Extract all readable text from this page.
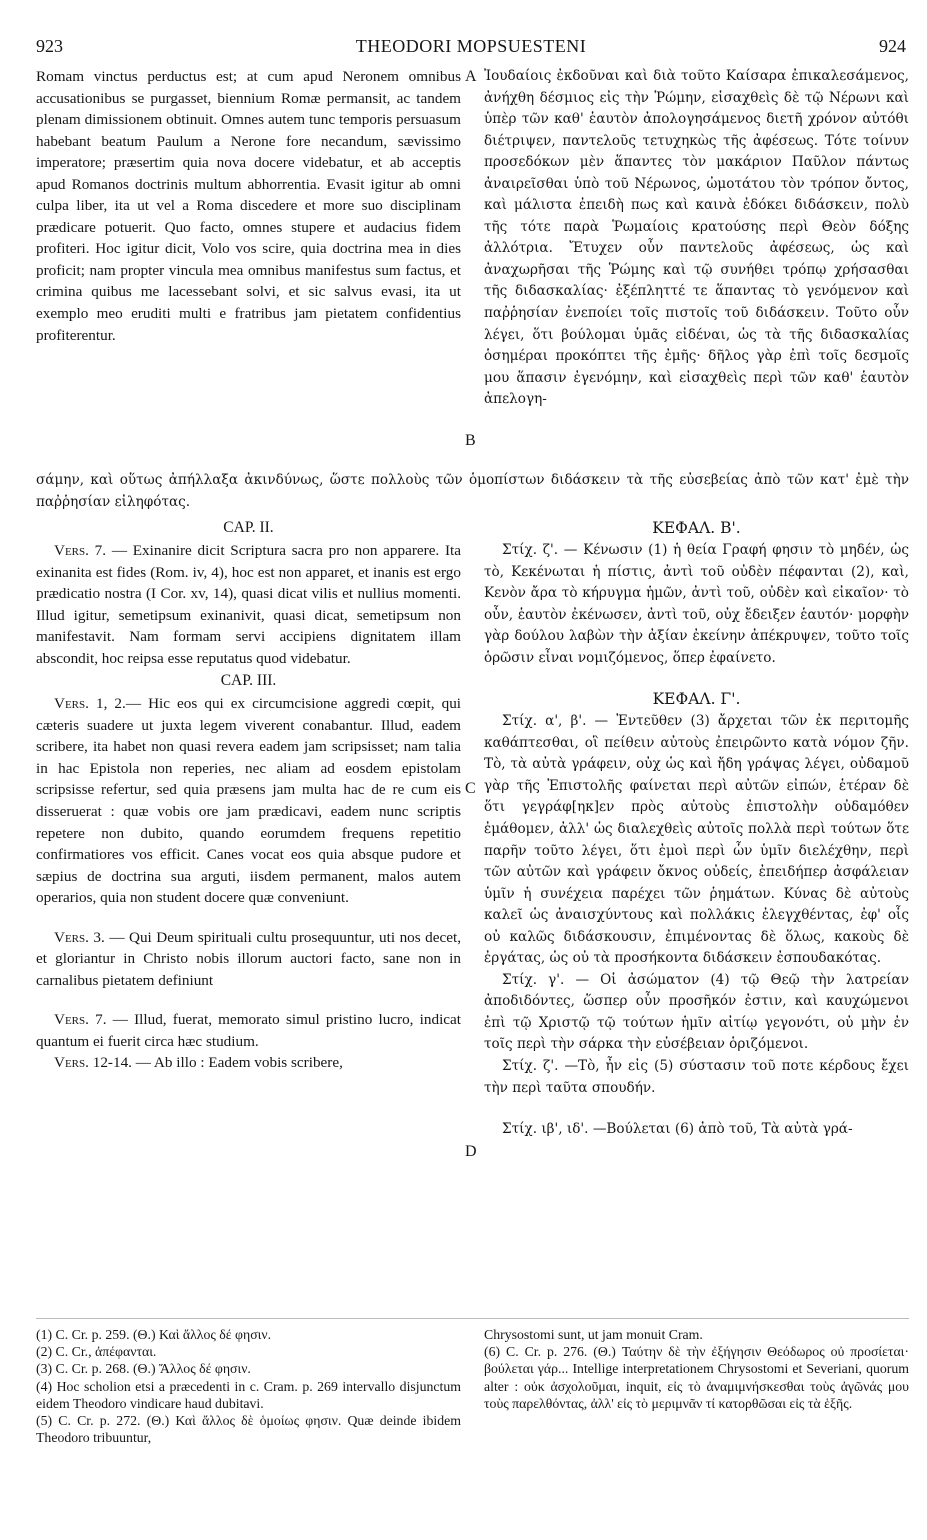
923	THEODORI MOPSUESTENI	924
A
B
C
D

Romam vinctus perductus est; at cum apud Neronem omnibus accusationibus se purgasset, biennium Romæ permansit, ac tandem plenam dimissionem obtinuit. Omnes autem tunc temporis persuasum habebant beatum Paulum a Nerone fore necandum, sævissimo imperatore; præsertim quia nova docere videbatur, et ab acceptis apud Romanos doctrinis multum abhorrentia. Evasit igitur ab omni culpa liber, ita ut vel a Roma discedere et more suo disciplinam prædicare potuerit. Quo facto, omnes stupere et audacius fidem profiteri. Hoc igitur dicit, Volo vos scire, quia doctrina mea in dies proficit; nam propter vincula mea omnibus manifestus sum factus, et crimina quibus me lacessebant solvi, et sic salvus evasi, ita ut exemplo meo eruditi multi e fratribus jam pietatem confidentius profiterentur.

Ἰουδαίοις ἐκδοῦναι καὶ διὰ τοῦτο Καίσαρα ἐπικαλεσάμενος, ἀνήχθη δέσμιος εἰς τὴν Ῥώμην, εἰσαχθεὶς δὲ τῷ Νέρωνι καὶ ὑπὲρ τῶν καθ' ἑαυτὸν ἀπολογησάμενος διετῆ χρόνον αὐτόθι διέτριψεν, παντελοῦς τετυχηκὼς τῆς ἀφέσεως. Τότε τοίνυν προσεδόκων μὲν ἅπαντες τὸν μακάριον Παῦλον πάντως ἀναιρεῖσθαι ὑπὸ τοῦ Νέρωνος, ὠμοτάτου τὸν τρόπον ὄντος, καὶ μάλιστα ἐπειδὴ πως καὶ καινὰ ἐδόκει διδάσκειν, πολὺ τῆς τότε παρὰ Ῥωμαίοις κρατούσης περὶ Θεὸν δόξης ἀλλότρια. Ἔτυχεν οὖν παντελοῦς ἀφέσεως, ὡς καὶ ἀναχωρῆσαι τῆς Ῥώμης καὶ τῷ συνήθει τρόπῳ χρήσασθαι τῆς διδασκαλίας· ἐξέπληττέ τε ἅπαντας τὸ γενόμενον καὶ παῤῥησίαν ἐνεποίει τοῖς πιστοῖς τοῦ διδάσκειν. Τοῦτο οὖν λέγει, ὅτι βούλομαι ὑμᾶς εἰδέναι, ὡς τὰ τῆς διδασκαλίας ὁσημέραι προκόπτει τῆς ἐμῆς· δῆλος γὰρ ἐπὶ τοῖς δεσμοῖς μου ἅπασιν ἐγενόμην, καὶ εἰσαχθεὶς περὶ τῶν καθ' ἑαυτὸν ἀπελογη-

σάμην, καὶ οὕτως ἀπήλλαξα ἀκινδύνως, ὥστε πολλοὺς τῶν ὁμοπίστων διδάσκειν τὰ τῆς εὐσεβείας ἀπὸ τῶν κατ' ἐμὲ τὴν παῤῥησίαν εἰληφότας.
CAP. II.

Vers. 7. — Exinanire dicit Scriptura sacra pro non apparere. Ita exinanita est fides (Rom. iv, 4), hoc est non apparet, et inanis est ergo prædicatio nostra (I Cor. xv, 14), quasi dicat vilis et nullius momenti. Illud igitur, semetipsum exinanivit, quasi dicat, semetipsum non manifestavit. Nam formam servi accipiens dignitatem illam abscondit, hoc reipsa esse reputatus quod videbatur.

CAP. III.

Vers. 1, 2.— Hic eos qui ex circumcisione aggredi cœpit, qui cæteris suadere ut juxta legem viverent conabantur. Illud, eadem scribere, ita habet non quasi revera eadem jam scripsisset; nam talia in hac Epistola non reperies, nec aliam ad eosdem epistolam scripsisse refertur, sed quia præsens jam multa hac de re cum eis disseruerat : quæ vobis ore jam prædicavi, eadem nunc scriptis repetere non dubito, quando eorumdem frequens repetitio confirmatiores vos efficit. Canes vocat eos quia absque pudore et sæpius de doctrina sua arguti, iisdem permanent, malos autem operarios, quia non student docere quæ conveniunt.

Vers. 3. — Qui Deum spirituali cultu prosequuntur, uti nos decet, et gloriantur in Christo nobis illorum auctori facto, sane non in carnalibus pietatem definiunt

Vers. 7. — Illud, fuerat, memorato simul pristino lucro, indicat quantum ei fuerit circa hæc studium.

Vers. 12-14. — Ab illo : Eadem vobis scribere,

ΚΕΦΑΛ. Β'.

Στίχ. ζ'. — Κένωσιν (1) ἡ θεία Γραφή φησιν τὸ μηδέν, ὡς τὸ, Κεκένωται ἡ πίστις, ἀντὶ τοῦ οὐδὲν πέφανται (2), καὶ, Κενὸν ἄρα τὸ κήρυγμα ἡμῶν, ἀντὶ τοῦ, οὐδὲν καὶ εἰκαῖον· τὸ οὖν, ἑαυτὸν ἐκένωσεν, ἀντὶ τοῦ, οὐχ ἔδειξεν ἑαυτόν· μορφὴν γὰρ δούλου λαβὼν τὴν ἀξίαν ἐκείνην ἀπέκρυψεν, τοῦτο τοῖς ὁρῶσιν εἶναι νομιζόμενος, ὅπερ ἐφαίνετο.

ΚΕΦΑΛ. Γ'.

Στίχ. α', β'. — Ἐντεῦθεν (3) ἄρχεται τῶν ἐκ περιτομῆς καθάπτεσθαι, οἳ πείθειν αὐτοὺς ἐπειρῶντο κατὰ νόμον ζῆν. Τὸ, τὰ αὐτὰ γράφειν, οὐχ ὡς καὶ ἤδη γράψας λέγει, οὐδαμοῦ γὰρ τῆς Ἐπιστολῆς φαίνεται περὶ αὐτῶν εἰπών, ἑτέραν δὲ ὅτι γεγράφ[ηκ]εν πρὸς αὐτοὺς ἐπιστολὴν οὐδαμόθεν ἐμάθομεν, ἀλλ' ὡς διαλεχθεὶς αὐτοῖς πολλὰ περὶ τούτων ὅτε παρῆν τοῦτο λέγει, ὅτι ἐμοὶ περὶ ὧν ὑμῖν διελέχθην, περὶ τῶν αὐτῶν καὶ γράφειν ὄκνος οὐδείς, ἐπειδήπερ ἀσφάλειαν ὑμῖν ἡ συνέχεια παρέχει τῶν ῥημάτων. Κύνας δὲ αὐτοὺς καλεῖ ὡς ἀναισχύντους καὶ πολλάκις ἐλεγχθέντας, ἐφ' οἷς οὐ καλῶς διδάσκουσιν, ἐπιμένοντας δὲ ὅλως, κακοὺς δὲ ἐργάτας, ὡς οὐ τὰ προσήκοντα διδάσκειν ἐσπουδακότας.

Στίχ. γ'. — Οἱ ἀσώματον (4) τῷ Θεῷ τὴν λατρείαν ἀποδιδόντες, ὥσπερ οὖν προσῆκόν ἐστιν, καὶ καυχώμενοι ἐπὶ τῷ Χριστῷ τῷ τούτων ἡμῖν αἰτίῳ γεγονότι, οὐ μὴν ἐν τοῖς περὶ τὴν σάρκα τὴν εὐσέβειαν ὁριζόμενοι.

Στίχ. ζ'. —Τὸ, ἦν εἰς (5) σύστασιν τοῦ ποτε κέρδους ἔχει τὴν περὶ ταῦτα σπουδήν.

Στίχ. ιβ', ιδ'. —Βούλεται (6) ἀπὸ τοῦ, Τὰ αὐτὰ γρά-

(1) C. Cr. p. 259. (Θ.) Καὶ ἄλλος δέ φησιν.

(2) C. Cr., ἀπέφανται.

(3) C. Cr. p. 268. (Θ.) Ἄλλος δέ φησιν.

(4) Hoc scholion etsi a præcedenti in c. Cram. p. 269 intervallo disjunctum eidem Theodoro vindicare haud dubitavi.

(5) C. Cr. p. 272. (Θ.) Καὶ ἄλλος δὲ ὁμοίως φησιν. Quæ deinde ibidem Theodoro tribuuntur,

Chrysostomi sunt, ut jam monuit Cram.

(6) C. Cr. p. 276. (Θ.) Ταύτην δὲ τὴν ἐξήγησιν Θεόδωρος οὐ προσίεται· βούλεται γάρ... Intellige interpretationem Chrysostomi et Severiani, quorum alter : οὐκ ἀσχολοῦμαι, inquit, εἰς τὸ ἀναμιμνήσκεσθαι τοὺς ἀγῶνάς μου τοὺς παρελθόντας, ἀλλ' εἰς τὸ μεριμνᾶν τί κατορθῶσαι εἰς τὰ ἑξῆς.
